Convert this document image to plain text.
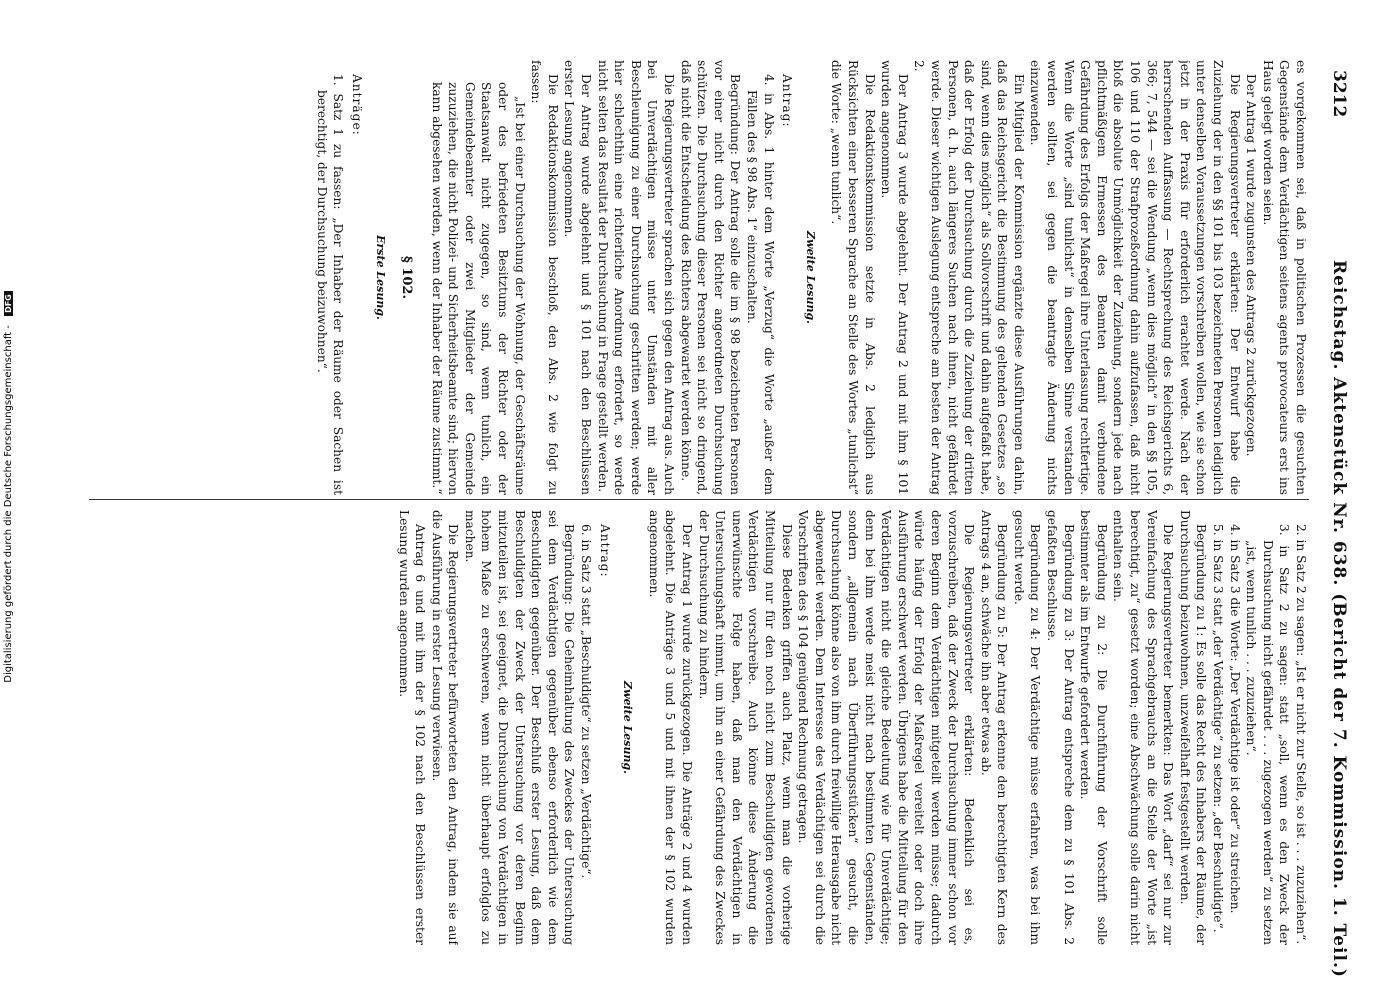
3212
Reichstag. Aktenstück Nr. 638. (Bericht der 7. Kommission. 1. Teil.)

es vorgekommen sei, daß in politischen Prozessen die gesuchten Gegenstände dem Verdächtigen seitens agents provocateurs erst ins Haus gelegt worden seien.

Der Antrag 1 wurde zugunsten des Antrags 2 zurückgezogen.

Die Regierungsvertreter erklärten: Der Entwurf habe die Zuziehung der in den §§ 101 bis 103 bezeichneten Personen lediglich unter denselben Voraussetzungen vorschreiben wollen, wie sie schon jetzt in der Praxis für erforderlich erachtet werde. Nach der herrschenden Auffassung — Rechtsprechung des Reichsgerichts 6, 366; 7, 544 — sei die Wendung „wenn dies möglich“ in den §§ 105, 106 und 110 der Strafprozeßordnung dahin aufzufassen, daß nicht bloß die absolute Unmöglichkeit der Zuziehung, sondern jede nach pflichtmäßigem Ermessen des Beamten damit verbundene Gefährdung des Erfolgs der Maßregel ihre Unterlassung rechtfertige. Wenn die Worte „sind tunlichst“ in demselben Sinne verstanden werden sollten, sei gegen die beantragte Änderung nichts einzuwenden.

Ein Mitglied der Kommission ergänzte diese Ausführungen dahin, daß das Reichsgericht die Bestimmung des geltenden Gesetzes „so sind, wenn dies möglich“ als Sollvorschrift und dahin aufgefaßt habe, daß der Erfolg der Durchsuchung durch die Zuziehung der dritten Personen, d. h. auch längeres Suchen nach ihnen, nicht gefährdet werde. Dieser wichtigen Auslegung entspreche am besten der Antrag 2.

Der Antrag 3 wurde abgelehnt. Der Antrag 2 und mit ihm § 101 wurden angenommen.

Die Redaktionskommission setzte in Abs. 2 lediglich aus Rücksichten einer besseren Sprache an Stelle des Wortes „tunlichst“ die Worte: „wenn tunlich“.

Zweite Lesung.
Antrag:

4. in Abs. 1 hinter dem Worte „Verzug“ die Worte „außer dem Fällen des § 98 Abs. 1“ einzuschalten.

Begründung: Der Antrag solle die im § 98 bezeichneten Personen vor einer nicht durch den Richter angeordneten Durchsuchung schützen. Die Durchsuchung dieser Personen sei nicht so dringend, daß nicht die Entscheidung des Richters abgewartet werden könne.

Die Regierungsvertreter sprachen sich gegen den Antrag aus. Auch bei Unverdächtigen müsse unter Umständen mit aller Beschleunigung zu einer Durchsuchung geschritten werden; werde hier schlechthin eine richterliche Anordnung erfordert, so werde nicht selten das Resultat der Durchsuchung in Frage gestellt werden.

Der Antrag wurde abgelehnt und § 101 nach den Beschlüssen erster Lesung angenommen.

Die Redaktionskommission beschloß, den Abs. 2 wie folgt zu fassen:

„Ist bei einer Durchsuchung der Wohnung, der Geschäftsräume oder des befriedeten Besitztums der Richter oder der Staatsanwalt nicht zugegen, so sind, wenn tunlich, ein Gemeindebeamter oder zwei Mitglieder der Gemeinde zuzuziehen, die nicht Polizei- und Sicherheitsbeamte sind; hiervon kann abgesehen werden, wenn der Inhaber der Räume zustimmt.“

§ 102.
Erste Lesung.
Anträge:

1. Satz 1 zu fassen: „Der Inhaber der Räume oder Sachen ist berechtigt, der Durchsuchung beizuwohnen“.

2. in Satz 2 zu sagen: „Ist er nicht zur Stelle, so ist . . . zuzuziehen“.

3. in Satz 2 zu sagen: statt „soll, wenn es den Zweck der Durchsuchung nicht gefährdet . . . zugezogen werden“ zu setzen „ist, wenn tunlich . . . zuzuziehen“.

4. in Satz 3 die Worte: „Der Verdächtige ist oder“ zu streichen.

5. in Satz 3 statt „der Verdächtige“ zu setzen: „der Beschuldigte“.

Begründung zu 1: Es solle das Recht des Inhabers der Räume, der Durchsuchung beizuwohnen, unzweifelhaft festgestellt werden.

Die Regierungsvertreter bemerkten: Das Wort „darf“ sei nur zur Vereinfachung des Sprachgebrauchs an die Stelle der Worte „ist berechtigt, zu“ gesetzt worden; eine Abschwächung solle darin nicht enthalten sein.

Begründung zu 2: Die Durchführung der Vorschrift solle bestimmter als im Entwurfe gefordert werden.

Begründung zu 3: Der Antrag entspreche dem zu § 101 Abs. 2 gefaßten Beschlusse.

Begründung zu 4: Der Verdächtige müsse erfahren, was bei ihm gesucht werde.

Begründung zu 5: Der Antrag erkenne den berechtigten Kern des Antrags 4 an, schwäche ihn aber etwas ab.

Die Regierungsvertreter erklärten: Bedenklich sei es, vorzuschreiben, daß der Zweck der Durchsuchung immer schon vor deren Beginn dem Verdächtigen mitgeteilt werden müsse; dadurch würde häufig der Erfolg der Maßregel vereitelt oder doch ihre Ausführung erschwert werden. Übrigens habe die Mitteilung für den Verdächtigen nicht die gleiche Bedeutung wie für Unverdächtige; denn bei ihm werde meist nicht nach bestimmten Gegenständen, sondern „allgemein nach Überführungsstücken“ gesucht, die Durchsuchung könne also von ihm durch freiwillige Herausgabe nicht abgewendet werden. Dem Interesse des Verdächtigen sei durch die Vorschriften des § 104 genügend Rechnung getragen.

Diese Bedenken griffen auch Platz, wenn man die vorherige Mitteilung nur für den noch nicht zum Beschuldigten gewordenen Verdächtigen vorschreibe. Auch könne diese Änderung die unerwünschte Folge haben, daß man den Verdächtigen in Untersuchungshaft nimmt, um ihn an einer Gefährdung des Zweckes der Durchsuchung zu hindern.

Der Antrag 1 wurde zurückgezogen. Die Anträge 2 und 4 wurden abgelehnt. Die Anträge 3 und 5 und mit ihnen der § 102 wurden angenommen.

Zweite Lesung.
Antrag:

6. in Satz 3 statt „Beschuldigte“ zu setzen „Verdächtige“.

Begründung: Die Geheimhaltung des Zweckes der Untersuchung sei dem Verdächtigen gegenüber ebenso erforderlich wie dem Beschuldigten gegenüber. Der Beschluß erster Lesung, daß dem Beschuldigten der Zweck der Untersuchung vor deren Beginn mitzuteilen ist, sei geeignet, die Durchsuchung von Verdächtigen in hohem Maße zu erschweren, wenn nicht überhaupt erfolglos zu machen.

Die Regierungsvertreter befürworteten den Antrag, indem sie auf die Ausführung in erster Lesung verwiesen.

Antrag 6 und mit ihm der § 102 nach den Beschlüssen erster Lesung wurden angenommen.

Digitalisierung gefördert durch die Deutsche Forschungsgemeinschaft - DFG
